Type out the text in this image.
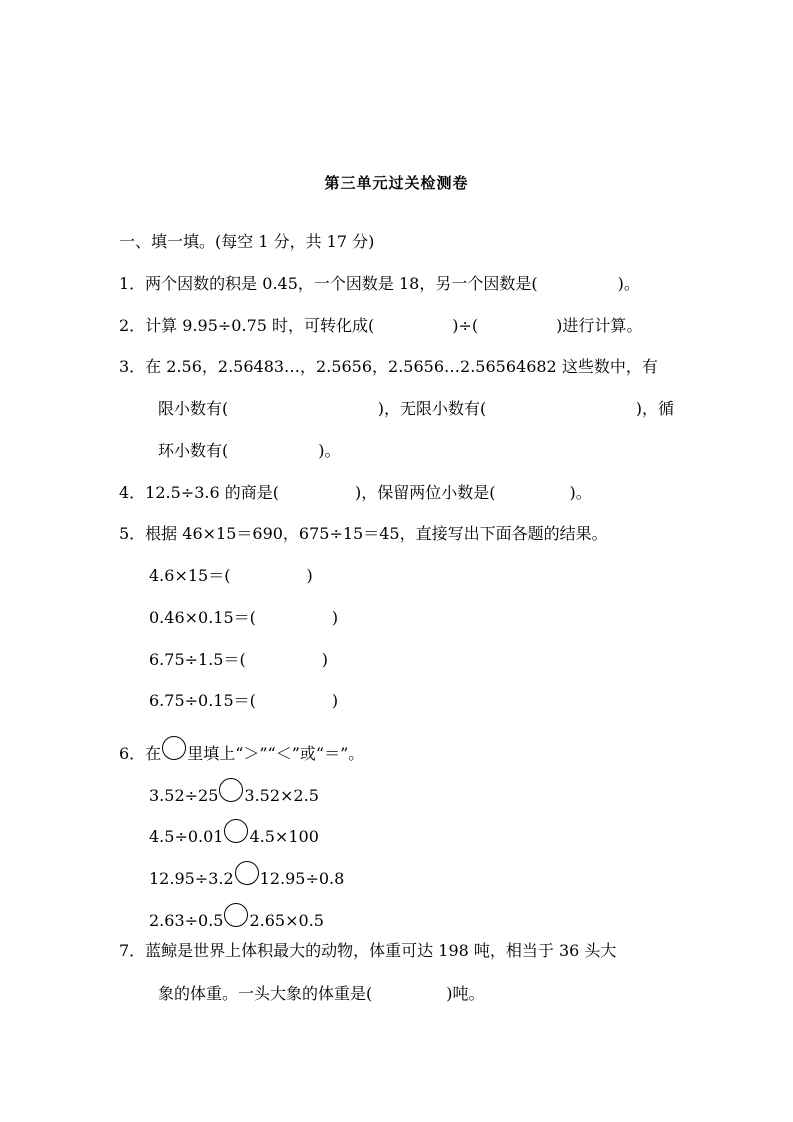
第三单元过关检测卷
一、填一填。(每空 1 分，共 17 分)
1．两个因数的积是 0.45，一个因数是 18，另一个因数是(	)。
2．计算 9.95÷0.75 时，可转化成(	)÷(	)进行计算。
3．在 2.56，2.56483…，2.5656，2.5656…2.56564682 这些数中，有
限小数有(	)，无限小数有(	)，循
环小数有(	)。
4．12.5÷3.6 的商是(	)，保留两位小数是(	)。
5．根据 46×15＝690，675÷15＝45，直接写出下面各题的结果。
4.6×15＝(	)
0.46×0.15＝(	)
6.75÷1.5＝(	)
6.75÷0.15＝(	)
6．在 里填上“＞”“＜”或“＝”。
3.52÷25 3.52×2.5
4.5÷0.01 4.5×100
12.95÷3.2 12.95÷0.8
2.63÷0.5 2.65×0.5
7．蓝鲸是世界上体积最大的动物，体重可达 198 吨，相当于 36 头大
象的体重。一头大象的体重是(	)吨。
